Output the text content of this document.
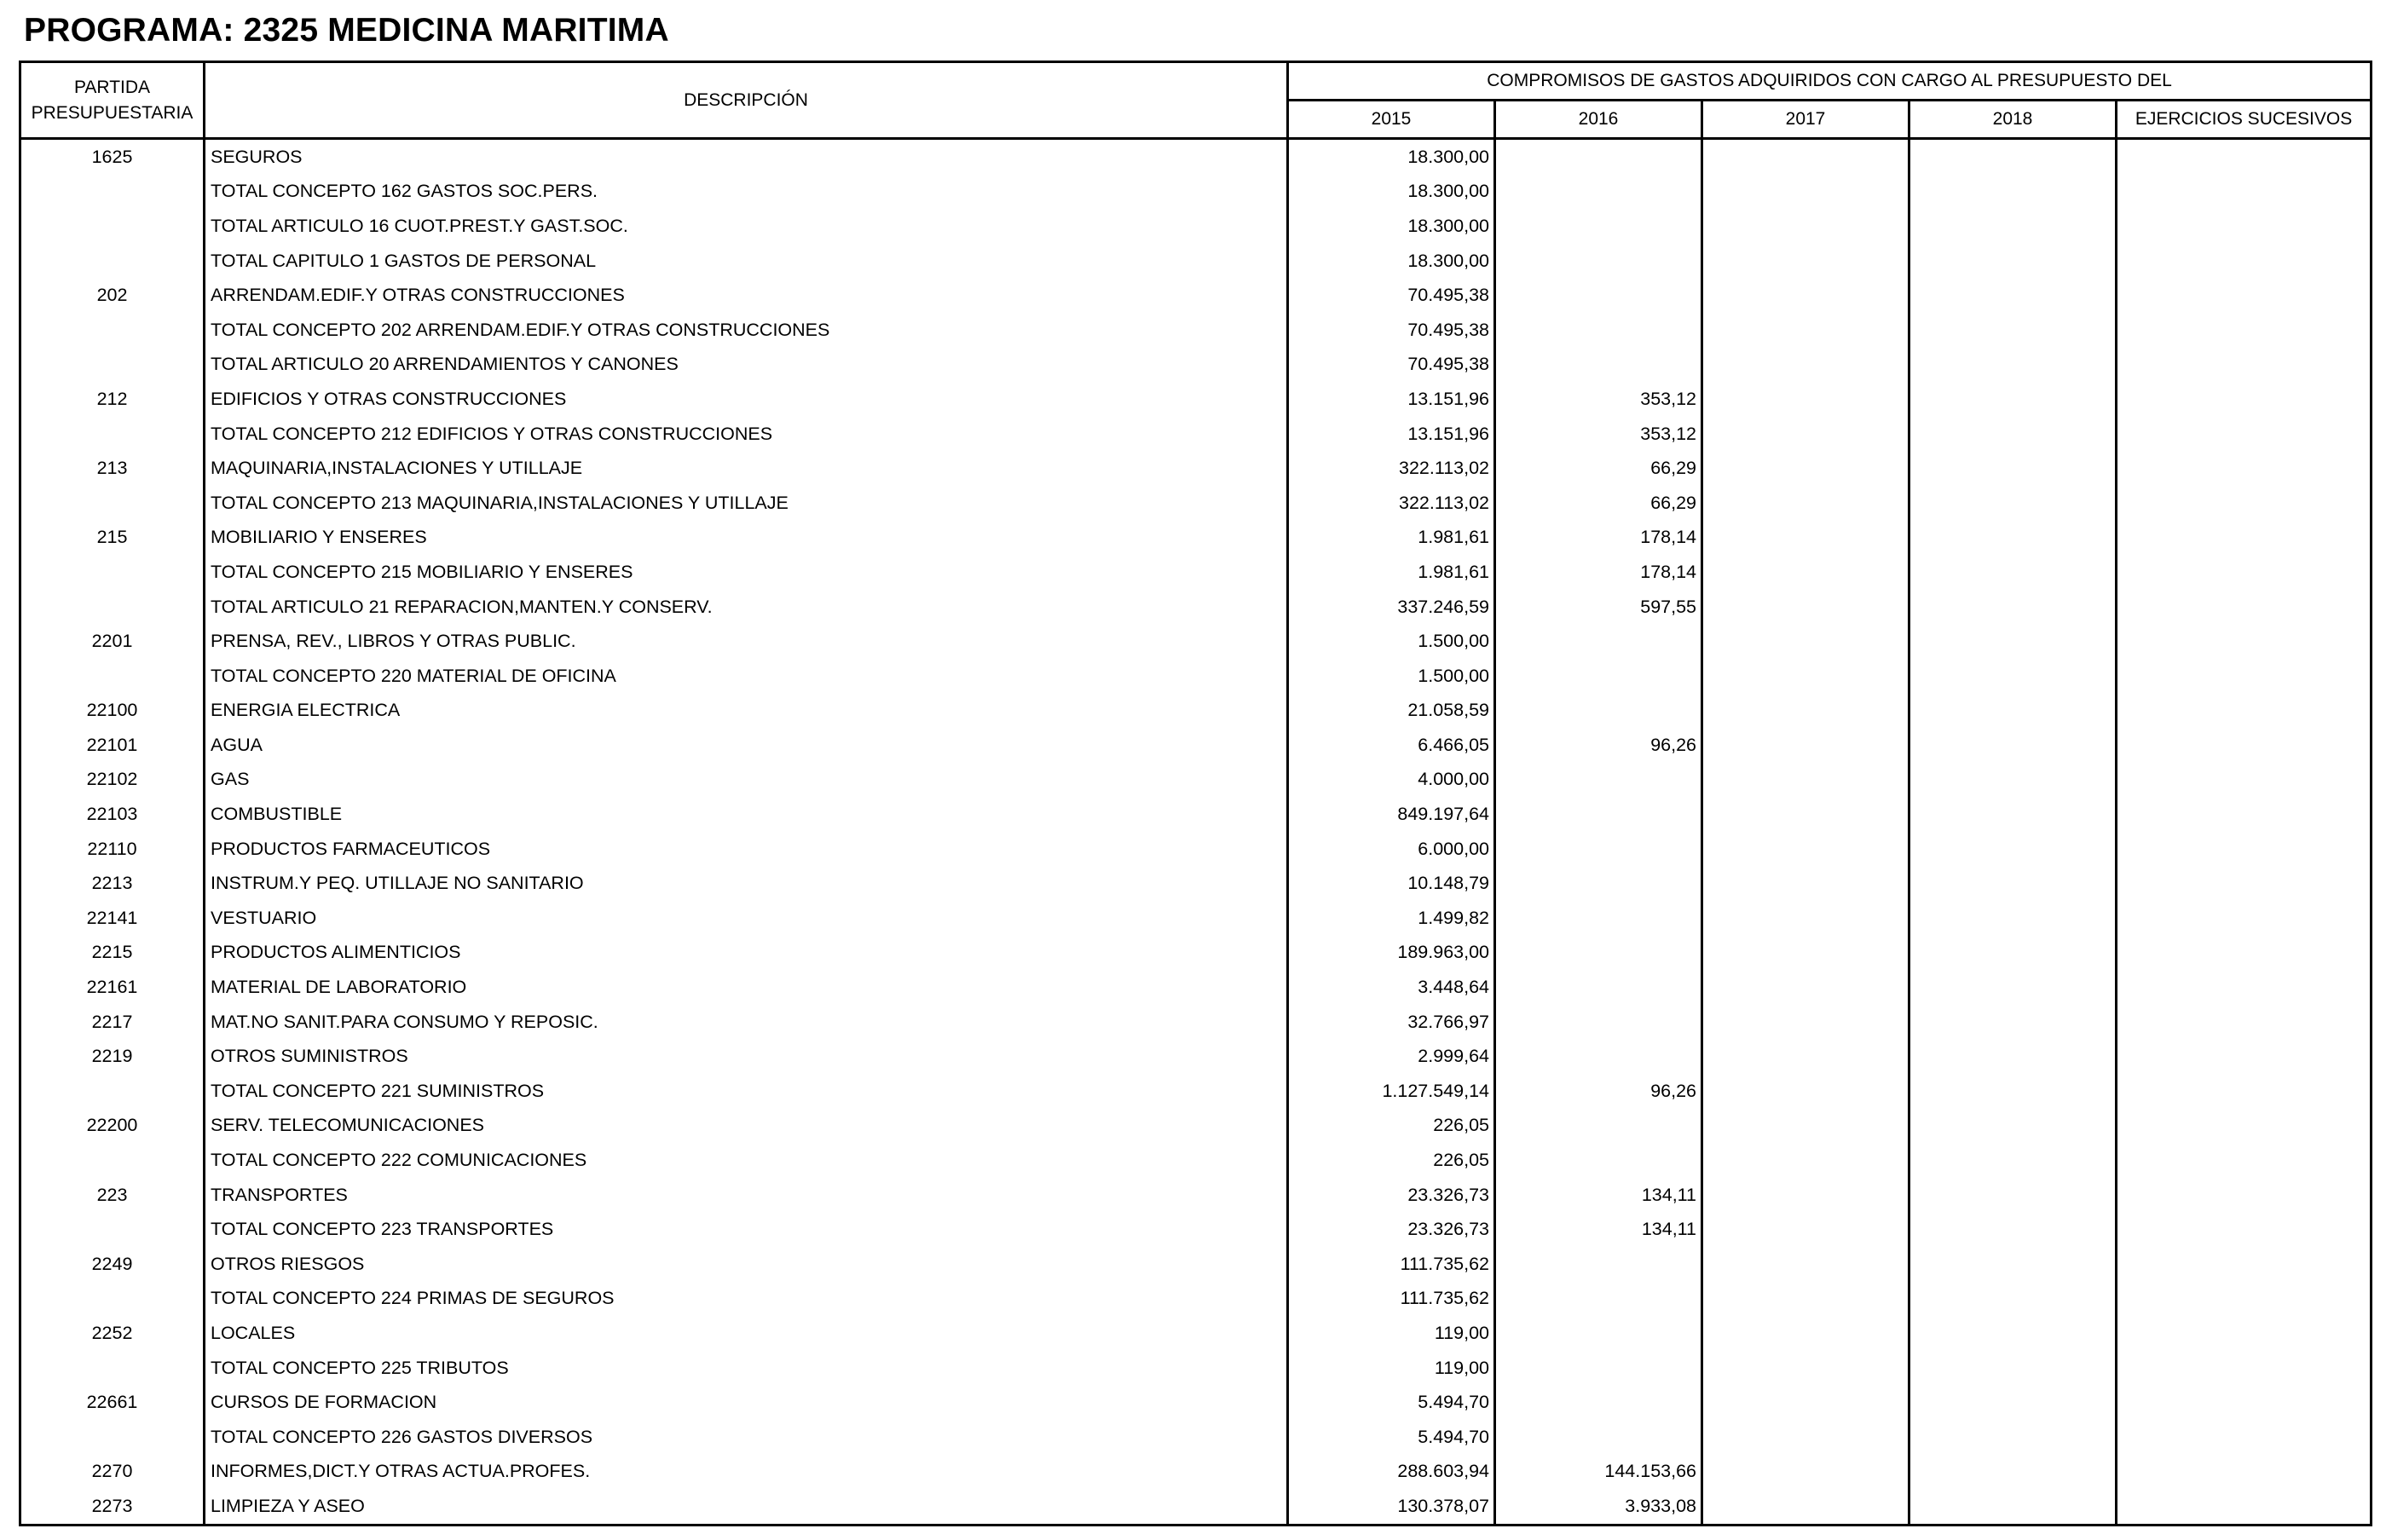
PROGRAMA: 2325 MEDICINA MARITIMA
PARTIDA PRESUPUESTARIA	DESCRIPCIÓN	COMPROMISOS DE GASTOS ADQUIRIDOS CON CARGO AL PRESUPUESTO DEL				
		2015	2016	2017	2018	EJERCICIOS SUCESIVOS
1625	SEGUROS	18.300,00				
	TOTAL CONCEPTO 162 GASTOS SOC.PERS.	18.300,00				
	TOTAL ARTICULO 16 CUOT.PREST.Y GAST.SOC.	18.300,00				
	TOTAL CAPITULO 1 GASTOS DE PERSONAL	18.300,00				
202	ARRENDAM.EDIF.Y OTRAS CONSTRUCCIONES	70.495,38				
	TOTAL CONCEPTO 202 ARRENDAM.EDIF.Y OTRAS CONSTRUCCIONES	70.495,38				
	TOTAL ARTICULO 20 ARRENDAMIENTOS Y CANONES	70.495,38				
212	EDIFICIOS Y OTRAS CONSTRUCCIONES	13.151,96	353,12			
	TOTAL CONCEPTO 212 EDIFICIOS Y OTRAS CONSTRUCCIONES	13.151,96	353,12			
213	MAQUINARIA,INSTALACIONES Y UTILLAJE	322.113,02	66,29			
	TOTAL CONCEPTO 213 MAQUINARIA,INSTALACIONES Y UTILLAJE	322.113,02	66,29			
215	MOBILIARIO Y ENSERES	1.981,61	178,14			
	TOTAL CONCEPTO 215 MOBILIARIO Y ENSERES	1.981,61	178,14			
	TOTAL ARTICULO 21 REPARACION,MANTEN.Y CONSERV.	337.246,59	597,55			
2201	PRENSA, REV., LIBROS Y OTRAS PUBLIC.	1.500,00				
	TOTAL CONCEPTO 220 MATERIAL DE OFICINA	1.500,00				
22100	ENERGIA ELECTRICA	21.058,59				
22101	AGUA	6.466,05	96,26			
22102	GAS	4.000,00				
22103	COMBUSTIBLE	849.197,64				
22110	PRODUCTOS FARMACEUTICOS	6.000,00				
2213	INSTRUM.Y PEQ. UTILLAJE NO SANITARIO	10.148,79				
22141	VESTUARIO	1.499,82				
2215	PRODUCTOS ALIMENTICIOS	189.963,00				
22161	MATERIAL DE LABORATORIO	3.448,64				
2217	MAT.NO SANIT.PARA CONSUMO Y REPOSIC.	32.766,97				
2219	OTROS SUMINISTROS	2.999,64				
	TOTAL CONCEPTO 221 SUMINISTROS	1.127.549,14	96,26			
22200	SERV. TELECOMUNICACIONES	226,05				
	TOTAL CONCEPTO 222 COMUNICACIONES	226,05				
223	TRANSPORTES	23.326,73	134,11			
	TOTAL CONCEPTO 223 TRANSPORTES	23.326,73	134,11			
2249	OTROS RIESGOS	111.735,62				
	TOTAL CONCEPTO 224 PRIMAS DE SEGUROS	111.735,62				
2252	LOCALES	119,00				
	TOTAL CONCEPTO 225 TRIBUTOS	119,00				
22661	CURSOS DE FORMACION	5.494,70				
	TOTAL CONCEPTO 226 GASTOS DIVERSOS	5.494,70				
2270	INFORMES,DICT.Y OTRAS ACTUA.PROFES.	288.603,94	144.153,66			
2273	LIMPIEZA Y ASEO	130.378,07	3.933,08			
